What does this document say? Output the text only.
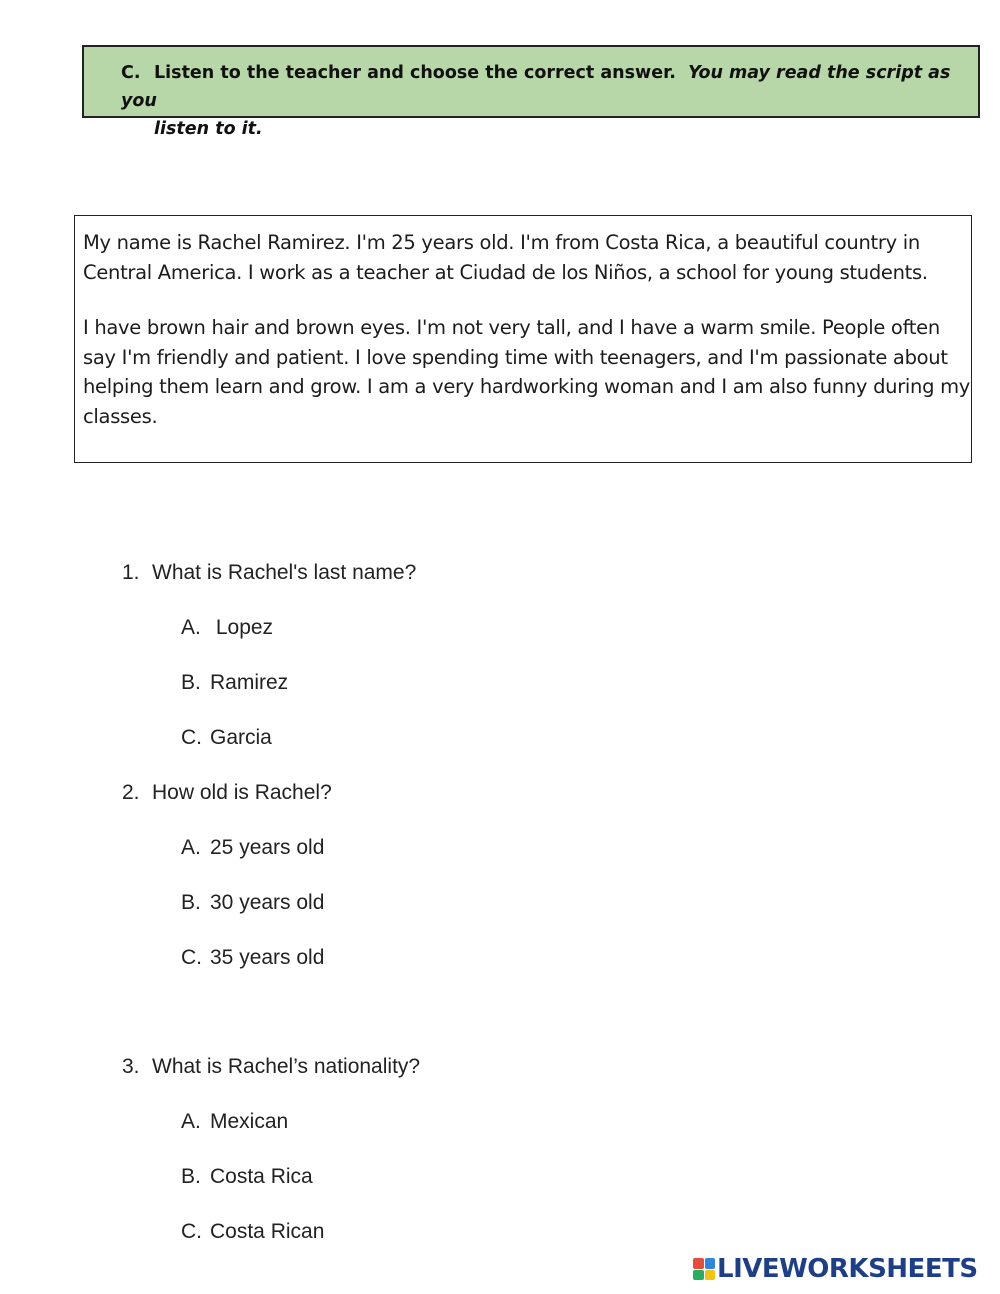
C. Listen to the teacher and choose the correct answer. You may read the script as you
listen to it.

My name is Rachel Ramirez. I'm 25 years old. I'm from Costa Rica, a beautiful country in Central America. I work as a teacher at Ciudad de los Niños, a school for young students.

I have brown hair and brown eyes. I'm not very tall, and I have a warm smile. People often say I'm friendly and patient. I love spending time with teenagers, and I'm passionate about helping them learn and grow. I am a very hardworking woman and I am also funny during my classes.

1. What is Rachel's last name?
A. Lopez
B. Ramirez
C. Garcia
2. How old is Rachel?
A. 25 years old
B. 30 years old
C. 35 years old
3. What is Rachel’s nationality?
A. Mexican
B. Costa Rica
C. Costa Rican
LIVEWORKSHEETS
